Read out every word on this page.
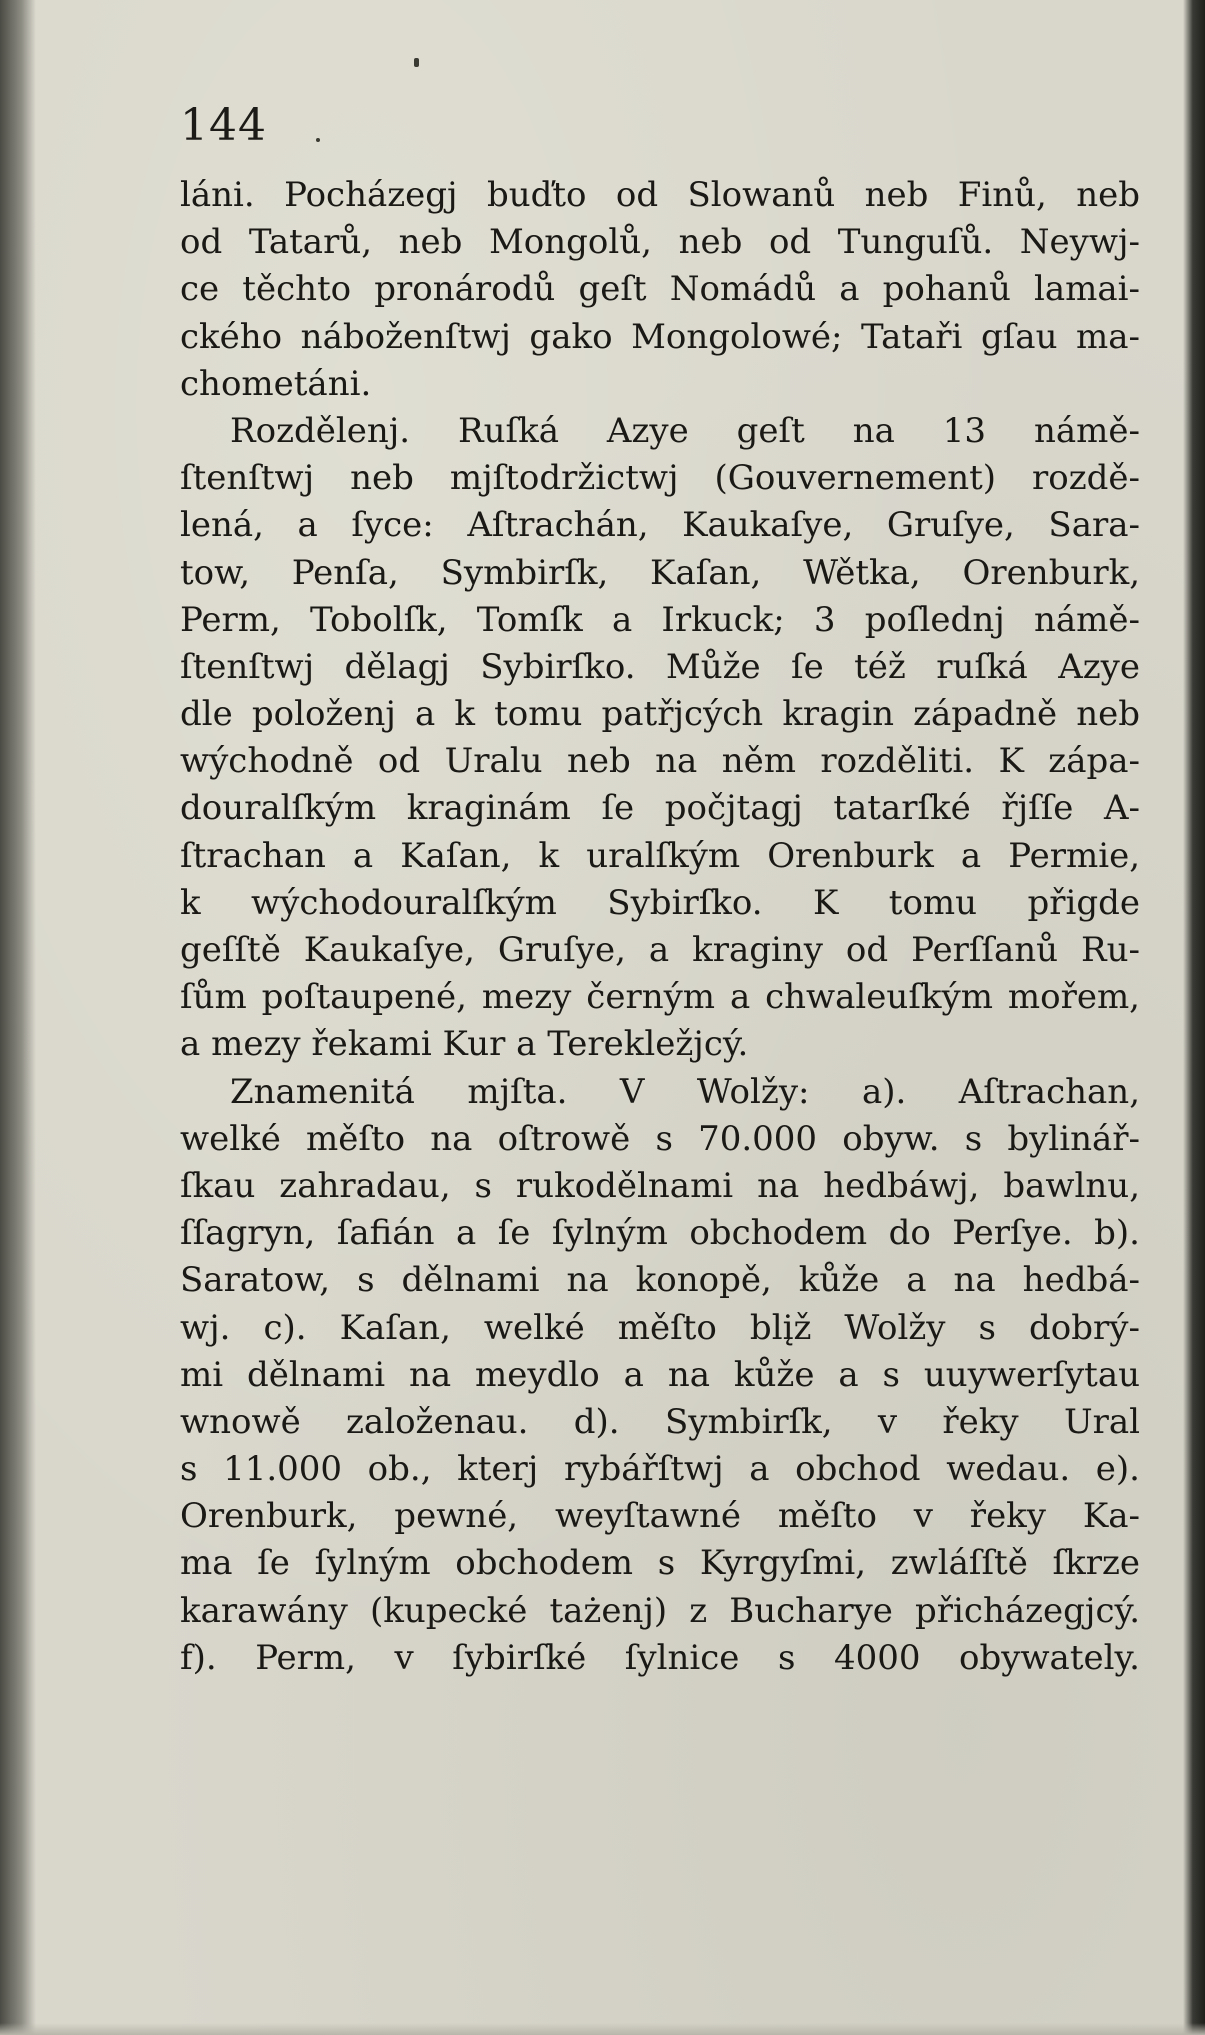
144
láni. Pocházegj buďto od Slowanů neb Finů, neb
od Tatarů, neb Mongolů, neb od Tunguſů. Neywj-
ce těchto pronárodů geſt Nomádů a pohanů lamai-
ckého náboženſtwj gako Mongolowé; Tataři gſau ma-
chometáni.
Rozdělenj. Ruſká Azye geſt na 13 námě-
ſtenſtwj neb mjſtodržictwj (Gouvernement) rozdě-
lená, a ſyce: Aſtrachán, Kaukaſye, Gruſye, Sara-
tow, Penſa, Symbirſk, Kaſan, Wětka, Orenburk,
Perm, Tobolſk, Tomſk a Irkuck; 3 poſlednj námě-
ſtenſtwj dělagj Sybirſko. Může ſe též ruſká Azye
dle položenj a k tomu patřjcých kragin západně neb
wýchodně od Uralu neb na něm rozděliti. K zápa-
douralſkým kraginám ſe počjtagj tatarſké řjſſe A-
ſtrachan a Kaſan, k uralſkým Orenburk a Permie,
k wýchodouralſkým Sybirſko. K tomu přigde
geſſtě Kaukaſye, Gruſye, a kraginy od Perſſanů Ru-
ſům poſtaupené, mezy černým a chwaleuſkým mořem,
a mezy řekami Kur a Terekležjcý.
Znamenitá mjſta. V Wolžy: a). Aſtrachan,
welké měſto na oſtrowě s 70.000 obyw. s bylinář-
ſkau zahradau, s rukodělnami na hedbáwj, bawlnu,
ſſagryn, ſafián a ſe ſylným obchodem do Perſye. b).
Saratow, s dělnami na konopě, kůže a na hedbá-
wj. c). Kaſan, welké měſto blįž Wolžy s dobrý-
mi dělnami na meydlo a na kůže a s uuywerſytau
wnowě založenau. d). Symbirſk, v řeky Ural
s 11.000 ob., kterj rybářſtwj a obchod wedau. e).
Orenburk, pewné, weyſtawné měſto v řeky Ka-
ma ſe ſylným obchodem s Kyrgyſmi, zwláſſtě ſkrze
karawány (kupecké tażenj) z Bucharye přicházegjcý.
f). Perm, v ſybirſké ſylnice s 4000 obywately.
